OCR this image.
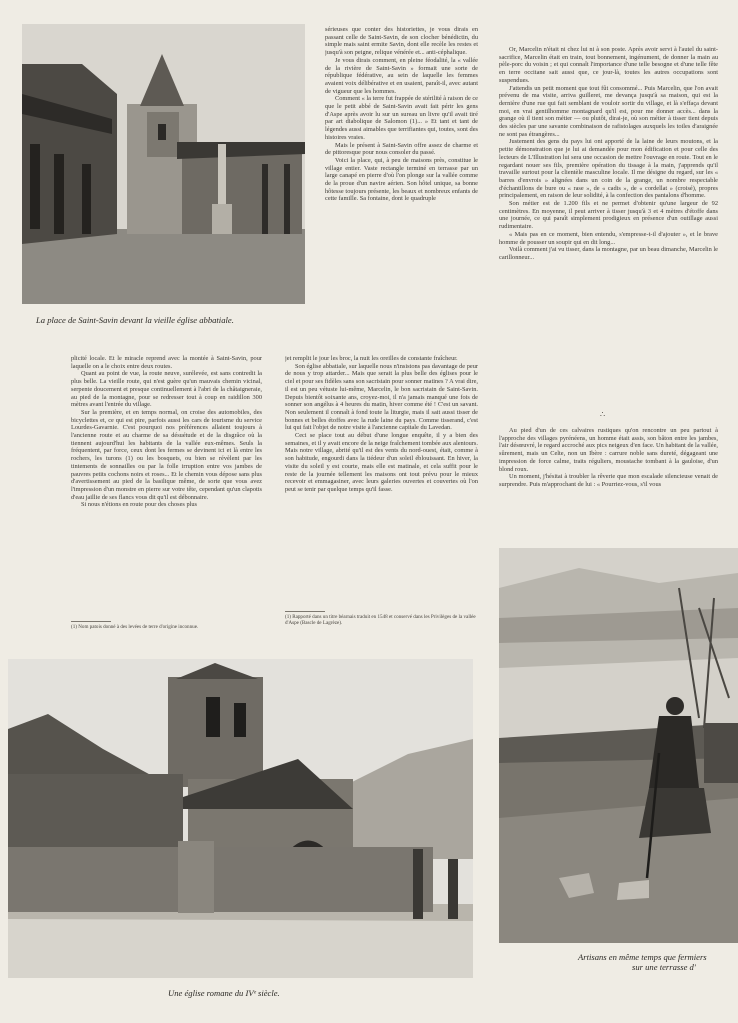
La place de Saint-Savin devant la vieille église abbatiale.

sérieuses que conter des historiettes, je vous dirais en passant celle de Saint-Savin, de son clocher bénédictin, du simple mais saint ermite Savin, dont elle recèle les restes et jusqu'à son peigne, relique vénérée et... anti-céphalique.

Je vous dirais comment, en pleine féodalité, la « vallée de la rivière de Saint-Savin » formait une sorte de république fédérative, au sein de laquelle les femmes avaient voix délibérative et en usaient, paraît-il, avec autant de vigueur que les hommes.

Comment « la terre fut frappée de stérilité à raison de ce que le petit abbé de Saint-Savin avait fait périr les gens d'Aspe après avoir lu sur un sureau un livre qu'il avait tiré par art diabolique de Salomon (1)... » Et tant et tant de légendes aussi aimables que terrifiantes qui, toutes, sont des histoires vraies.

Mais le présent à Saint-Savin offre assez de charme et de pittoresque pour nous consoler du passé.

Voici la place, qui, à peu de maisons près, constitue le village entier. Vaste rectangle terminé en terrasse par un large canapé en pierre d'où l'on plonge sur la vallée comme de la proue d'un navire aérien. Son hôtel unique, sa bonne hôtesse toujours présente, les beaux et nombreux enfants de cette famille. Sa fontaine, dont le quadruple

Or, Marcelin n'était ni chez lui ni à son poste. Après avoir servi à l'autel du saint-sacrifice, Marcelin était en train, tout bonnement, ingénument, de donner la main au pèle-porc du voisin ; et qui connaît l'importance d'une telle besogne et d'une telle fête en terre occitane sait aussi que, ce jour-là, toutes les autres occupations sont suspendues.

J'attendis un petit moment que tout fût consommé... Puis Marcelin, que l'on avait prévenu de ma visite, arriva guilleret, me devança jusqu'à sa maison, qui est la dernière d'une rue qui fait semblant de vouloir sortir du village, et là s'effaça devant moi, en vrai gentilhomme montagnard qu'il est, pour me donner accès... dans la grange où il tient son métier — ou plutôt, dirai-je, où son métier à tisser tient depuis des siècles par une savante combinaison de rafistolages auxquels les toiles d'araignée ne sont pas étrangères...

Justement des gens du pays lui ont apporté de la laine de leurs moutons, et la petite démonstration que je lui ai demandée pour mon édification et pour celle des lecteurs de L'Illustration lui sera une occasion de mettre l'ouvrage en route. Tout en le regardant nouer ses fils, première opération du tissage à la main, j'apprends qu'il travaille surtout pour la clientèle masculine locale. Il me désigne du regard, sur les « barres d'envrois » alignées dans un coin de la grange, un nombre respectable d'échantillons de bure ou « rase », de « cadis », de « cordellat » (croisé), propres principalement, en raison de leur solidité, à la confection des pantalons d'homme.

Son métier est de 1.200 fils et ne permet d'obtenir qu'une largeur de 92 centimètres. En moyenne, il peut arriver à tisser jusqu'à 3 et 4 mètres d'étoffe dans une journée, ce qui paraît simplement prodigieux en présence d'un outillage aussi rudimentaire.

« Mais pas en ce moment, bien entendu, s'empresse-t-il d'ajouter », et le brave homme de pousser un soupir qui en dit long...

Voilà comment j'ai vu tisser, dans la montagne, par un beau dimanche, Marcelin le carillonneur...

∴

Au pied d'un de ces calvaires rustiques qu'on rencontre un peu partout à l'approche des villages pyrénéens, un homme était assis, son bâton entre les jambes, l'air désœuvré, le regard accroché aux pics neigeux d'en face. Un habitant de la vallée, sûrement, mais un Celte, non un Ibère : carrure noble sans dureté, dégageant une impression de force calme, traits réguliers, moustache tombant à la gauloise, d'un blond roux.

Un moment, j'hésitai à troubler la rêverie que mon escalade silencieuse venait de surprendre. Puis m'approchant de lui : « Pourriez-vous, s'il vous

plicité locale. Et le miracle reprend avec la montée à Saint-Savin, pour laquelle on a le choix entre deux routes.

Quant au point de vue, la route neuve, surélevée, est sans contredit la plus belle. La vieille route, qui n'est guère qu'un mauvais chemin vicinal, serpente doucement et presque continuellement à l'abri de la châtaigneraie, au pied de la montagne, pour se redresser tout à coup en raidillon 300 mètres avant l'entrée du village.

Sur la première, et en temps normal, on croise des automobiles, des bicyclettes et, ce qui est pire, parfois aussi les cars de tourisme du service Lourdes-Gavarnie. C'est pourquoi nos préférences allaient toujours à l'ancienne route et au charme de sa désuétude et de la disgrâce où la tiennent aujourd'hui les habitants de la vallée eux-mêmes. Seuls la fréquentent, par force, ceux dont les fermes se devinent ici et là entre les rochers, les turons (1) ou les bosquets, ou bien se révèlent par les tintements de sonnailles ou par la folle irruption entre vos jambes de pauvres petits cochons noirs et roses... Et le chemin vous dépose sans plus d'avertissement au pied de la basilique même, de sorte que vous avez l'impression d'un monstre en pierre sur votre tête, cependant qu'un clapotis d'eau jaillie de ses flancs vous dit qu'il est débonnaire.

Si nous n'étions en route pour des choses plus

(1) Nom patois donné à des levées de terre d'origine inconnue.

jet remplit le jour les broc, la nuit les oreilles de constante fraîcheur.

Son église abbatiale, sur laquelle nous n'insistons pas davantage de peur de nous y trop attarder... Mais que serait la plus belle des églises pour le ciel et pour ses fidèles sans son sacristain pour sonner matines ? A vrai dire, il est un peu vétuste lui-même, Marcelin, le bon sacristain de Saint-Savin. Depuis bientôt soixante ans, croyez-moi, il n'a jamais manqué une fois de sonner son angélus à 4 heures du matin, hiver comme été ! C'est un savant. Non seulement il connaît à fond toute la liturgie, mais il sait aussi tisser de bonnes et belles étoffes avec la rude laine du pays. Comme tisserand, c'est lui qui fait l'objet de notre visite à l'ancienne capitale du Lavedan.

Ceci se place tout au début d'une longue enquête, il y a bien des semaines, et il y avait encore de la neige fraîchement tombée aux alentours. Mais notre village, abrité qu'il est des vents du nord-ouest, était, comme à son habitude, engourdi dans la tiédeur d'un soleil éblouissant. En hiver, la visite du soleil y est courte, mais elle est matinale, et cela suffit pour le reste de la journée tellement les maisons ont tout prévu pour le mieux recevoir et emmagasiner, avec leurs galeries ouvertes et couvertes où l'on peut se tenir par quelque temps qu'il fasse.

(1) Rapporté dans un titre béarnais traduit en 1548 et conservé dans les Privilèges de la vallée d'Aspe (Bascle de Lagrèze).
Une église romane du IVᵉ siècle.
Artisans en même temps que fermiers
sur une terrasse d'
